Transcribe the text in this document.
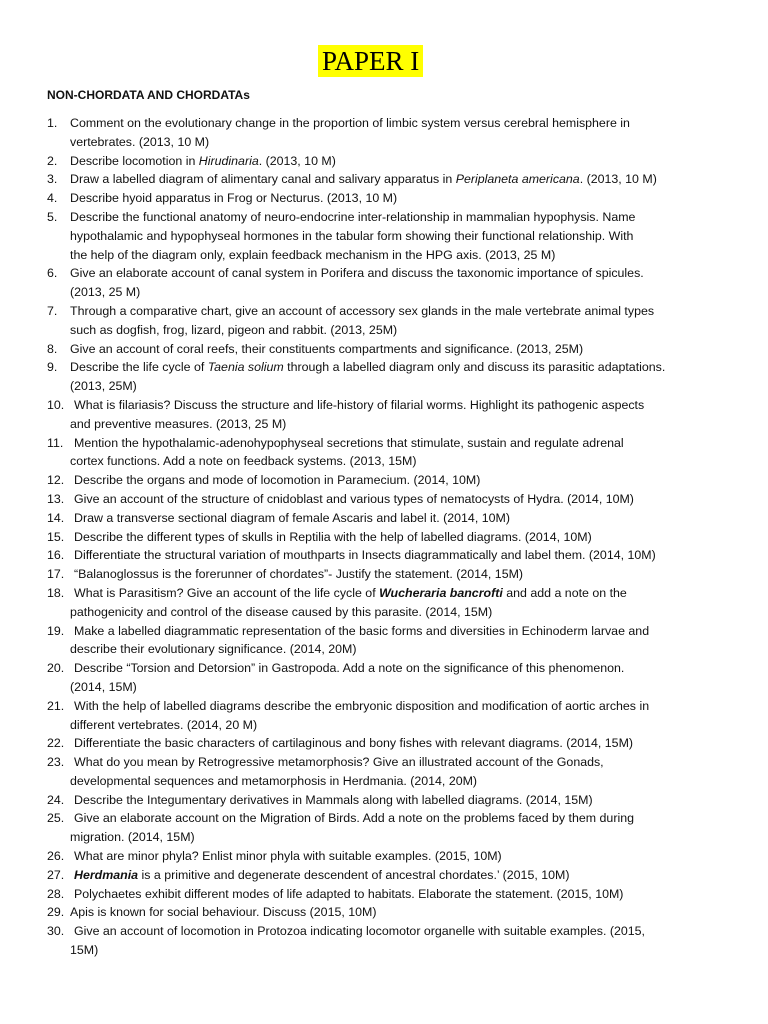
PAPER I
NON-CHORDATA AND CHORDATAs
1.	Comment on the evolutionary change in the proportion of limbic system versus cerebral hemisphere in
vertebrates. (2013, 10 M)
2.	Describe locomotion in Hirudinaria. (2013, 10 M)
3.	Draw a labelled diagram of alimentary canal and salivary apparatus in Periplaneta americana. (2013, 10 M)
4.	Describe hyoid apparatus in Frog or Necturus. (2013, 10 M)
5.	Describe the functional anatomy of neuro-endocrine inter-relationship in mammalian hypophysis. Name
hypothalamic and hypophyseal hormones in the tabular form showing their functional relationship. With
the help of the diagram only, explain feedback mechanism in the HPG axis. (2013, 25 M)
6.	Give an elaborate account of canal system in Porifera and discuss the taxonomic importance of spicules.
(2013, 25 M)
7.	Through a comparative chart, give an account of accessory sex glands in the male vertebrate animal types
such as dogfish, frog, lizard, pigeon and rabbit. (2013, 25M)
8.	Give an account of coral reefs, their constituents compartments and significance. (2013, 25M)
9.	Describe the life cycle of Taenia solium through a labelled diagram only and discuss its parasitic adaptations.
(2013, 25M)
10. What is filariasis? Discuss the structure and life-history of filarial worms. Highlight its pathogenic aspects
and preventive measures. (2013, 25 M)
11. Mention the hypothalamic-adenohypophyseal secretions that stimulate, sustain and regulate adrenal
cortex functions. Add a note on feedback systems. (2013, 15M)
12. Describe the organs and mode of locomotion in Paramecium. (2014, 10M)
13. Give an account of the structure of cnidoblast and various types of nematocysts of Hydra. (2014, 10M)
14. Draw a transverse sectional diagram of female Ascaris and label it. (2014, 10M)
15. Describe the different types of skulls in Reptilia with the help of labelled diagrams. (2014, 10M)
16. Differentiate the structural variation of mouthparts in Insects diagrammatically and label them. (2014, 10M)
17. “Balanoglossus is the forerunner of chordates”- Justify the statement. (2014, 15M)
18. What is Parasitism? Give an account of the life cycle of Wucheraria bancrofti and add a note on the
pathogenicity and control of the disease caused by this parasite. (2014, 15M)
19. Make a labelled diagrammatic representation of the basic forms and diversities in Echinoderm larvae and
describe their evolutionary significance. (2014, 20M)
20. Describe “Torsion and Detorsion” in Gastropoda. Add a note on the significance of this phenomenon.
(2014, 15M)
21. With the help of labelled diagrams describe the embryonic disposition and modification of aortic arches in
different vertebrates. (2014, 20 M)
22. Differentiate the basic characters of cartilaginous and bony fishes with relevant diagrams. (2014, 15M)
23. What do you mean by Retrogressive metamorphosis? Give an illustrated account of the Gonads,
developmental sequences and metamorphosis in Herdmania. (2014, 20M)
24. Describe the Integumentary derivatives in Mammals along with labelled diagrams. (2014, 15M)
25. Give an elaborate account on the Migration of Birds. Add a note on the problems faced by them during
migration. (2014, 15M)
26. What are minor phyla? Enlist minor phyla with suitable examples. (2015, 10M)
27. Herdmania is a primitive and degenerate descendent of ancestral chordates.’ (2015, 10M)
28. Polychaetes exhibit different modes of life adapted to habitats. Elaborate the statement. (2015, 10M)
29. Apis is known for social behaviour. Discuss (2015, 10M)
30. Give an account of locomotion in Protozoa indicating locomotor organelle with suitable examples. (2015,
15M)
